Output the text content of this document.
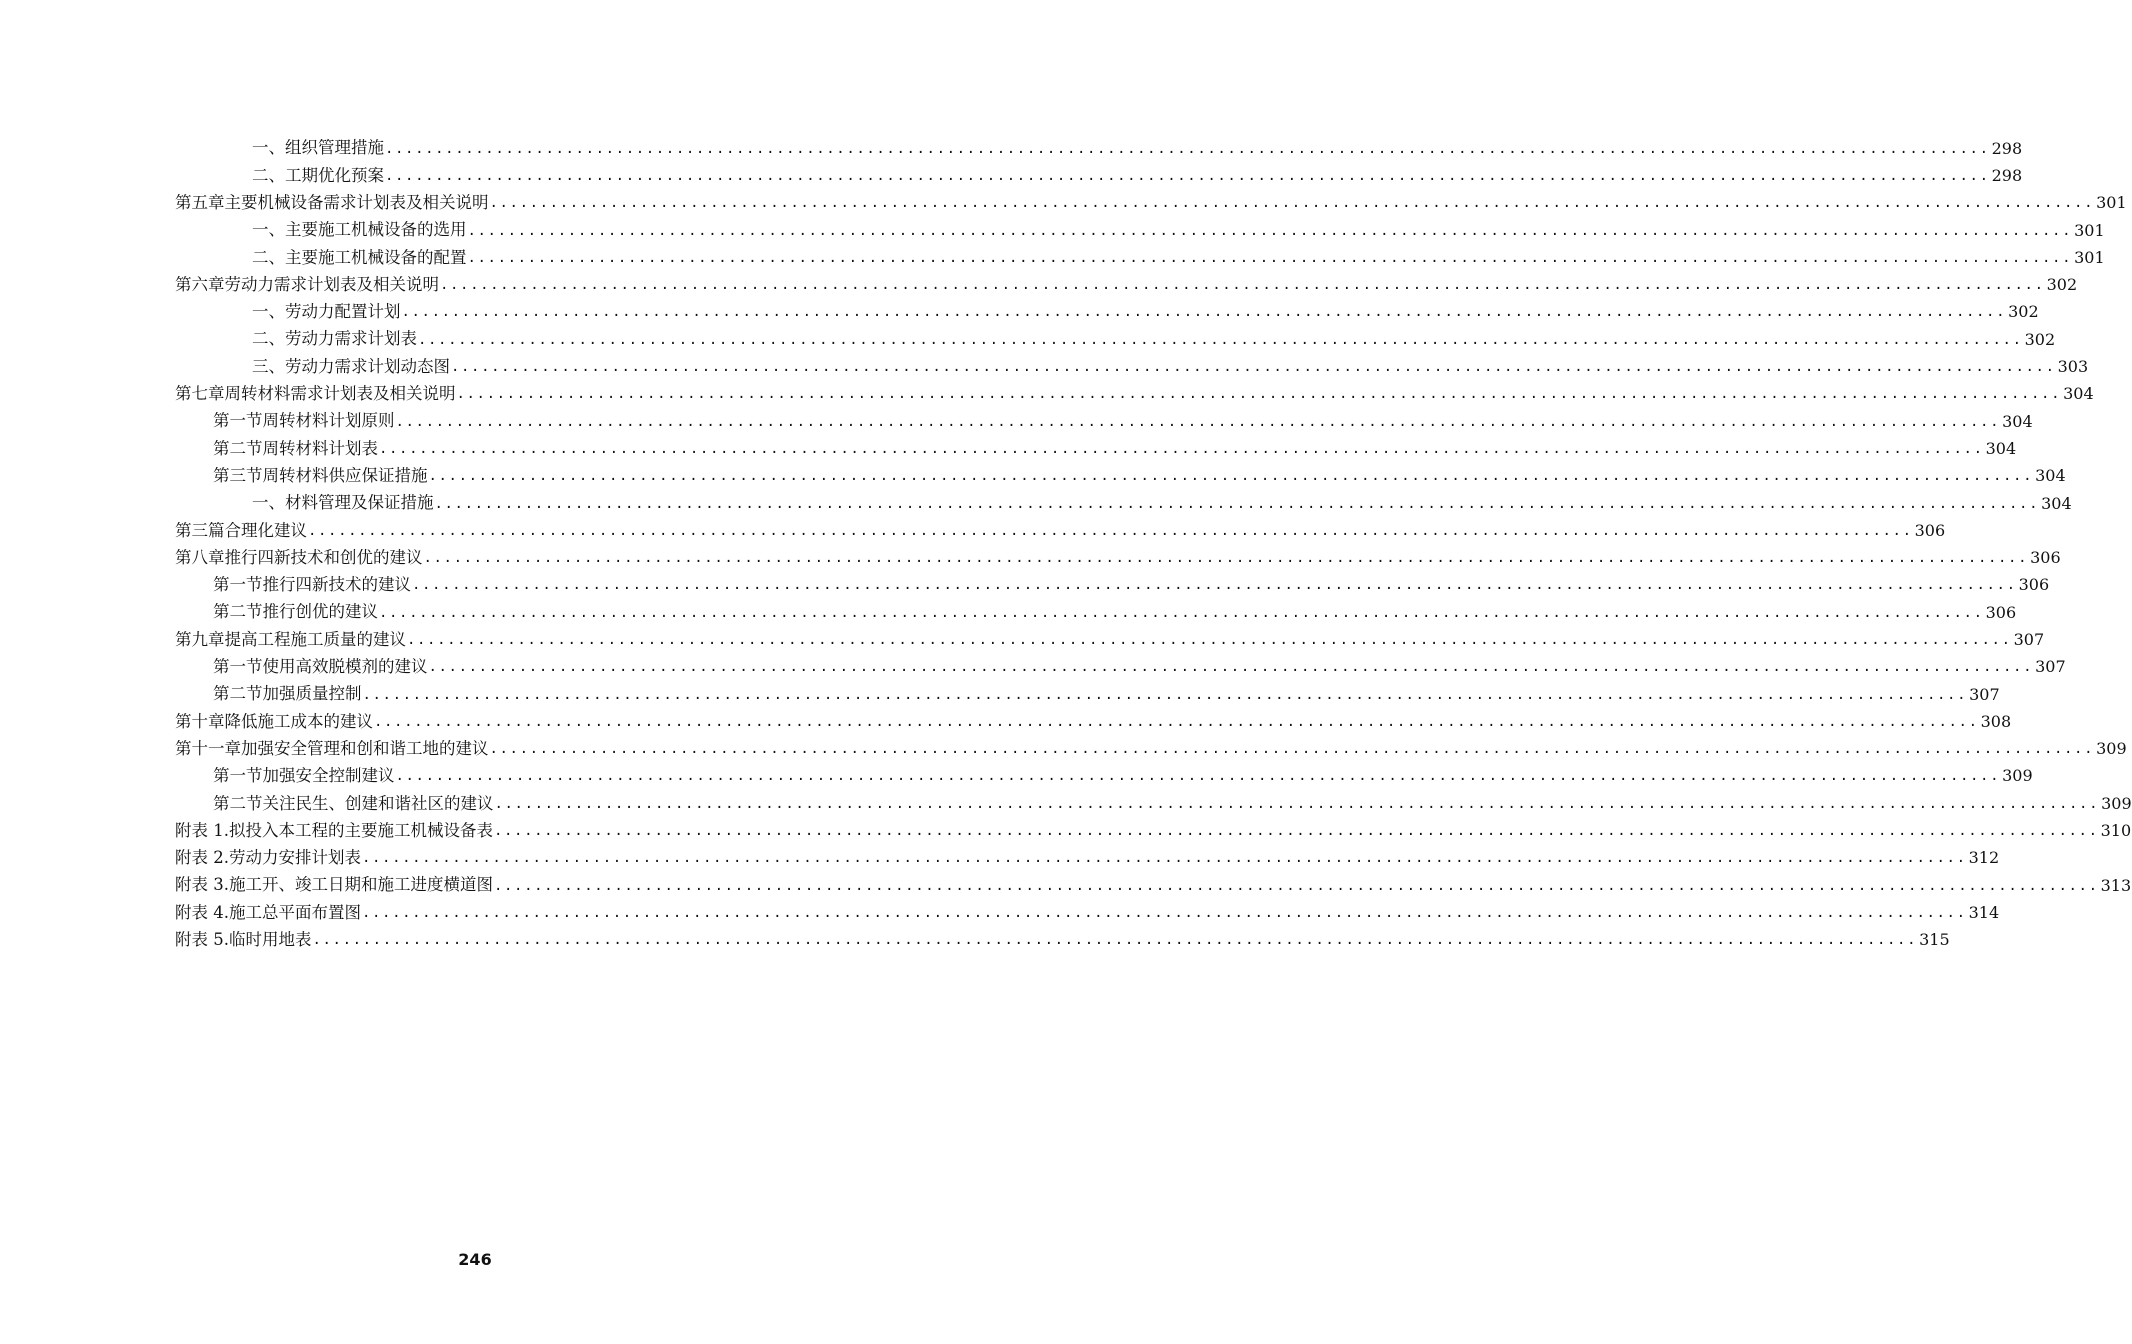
一、 组织管理措施 ................................................................................................................................................................ 298
二、 工期优化预案 ................................................................................................................................................................ 298
第五章 主要机械设备需求计划表及相关说明 ................................................................................................................................................................ 301
一、 主要施工机械设备的选用 ................................................................................................................................................................ 301
二、 主要施工机械设备的配置 ................................................................................................................................................................ 301
第六章 劳动力需求计划表及相关说明 ................................................................................................................................................................ 302
一、 劳动力配置计划 ................................................................................................................................................................ 302
二、 劳动力需求计划表 ................................................................................................................................................................ 302
三、 劳动力需求计划动态图 ................................................................................................................................................................ 303
第七章 周转材料需求计划表及相关说明 ................................................................................................................................................................ 304
第一节 周转材料计划原则 ................................................................................................................................................................ 304
第二节 周转材料计划表 ................................................................................................................................................................ 304
第三节 周转材料供应保证措施 ................................................................................................................................................................ 304
一、 材料管理及保证措施 ................................................................................................................................................................ 304
第三篇合理化建议 ................................................................................................................................................................ 306
第八章 推行四新技术和创优的建议 ................................................................................................................................................................ 306
第一节 推行四新技术的建议 ................................................................................................................................................................ 306
第二节 推行创优的建议 ................................................................................................................................................................ 306
第九章 提高工程施工质量的建议 ................................................................................................................................................................ 307
第一节 使用高效脱模剂的建议 ................................................................................................................................................................ 307
第二节 加强质量控制 ................................................................................................................................................................ 307
第十章 降低施工成本的建议 ................................................................................................................................................................ 308
第十一章 加强安全管理和创和谐工地的建议 ................................................................................................................................................................ 309
第一节 加强安全控制建议 ................................................................................................................................................................ 309
第二节 关注民生、创建和谐社区的建议 ................................................................................................................................................................ 309
附表 1.拟投入本工程的主要施工机械设备表 ................................................................................................................................................................ 310
附表 2.劳动力安排计划表 ................................................................................................................................................................ 312
附表 3.施工开、竣工日期和施工进度横道图 ................................................................................................................................................................ 313
附表 4.施工总平面布置图 ................................................................................................................................................................ 314
附表 5.临时用地表 ................................................................................................................................................................ 315
246
